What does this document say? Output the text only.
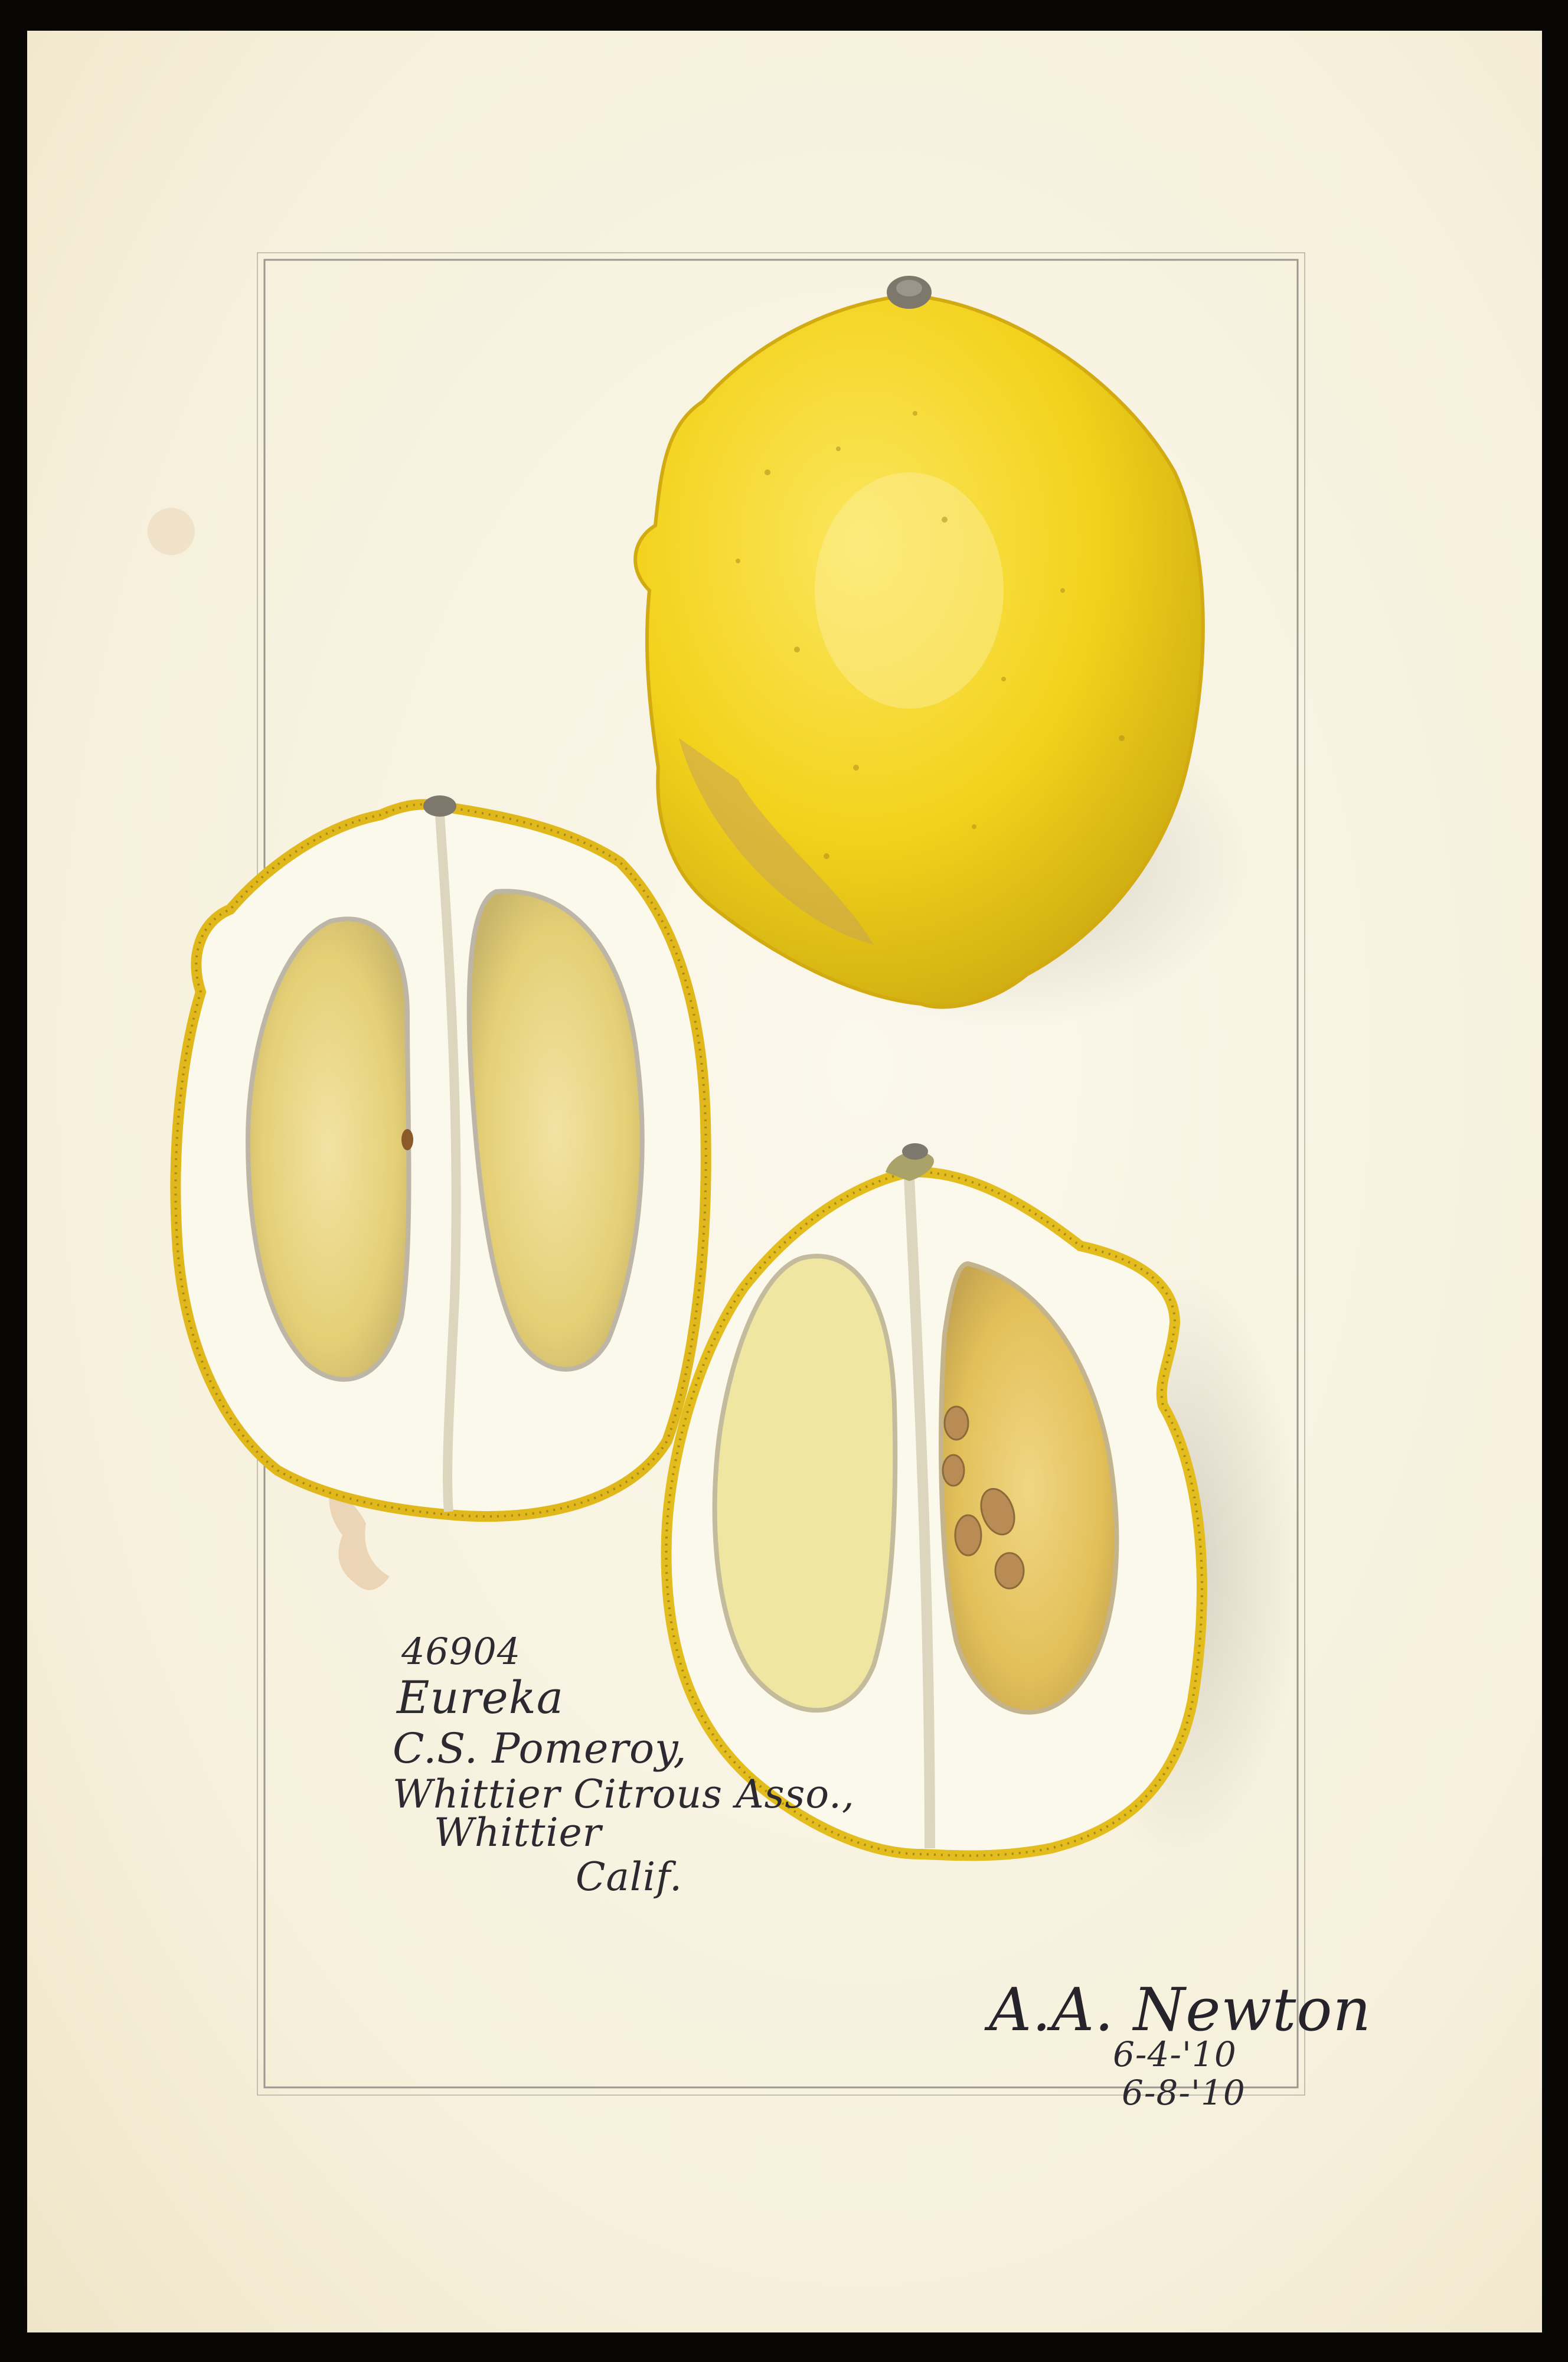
46904
Eureka
C.S. Pomeroy,
Whittier Citrous Asso.,
Whittier
Calif.
A.A. Newton
6-4-'10
6-8-'10
